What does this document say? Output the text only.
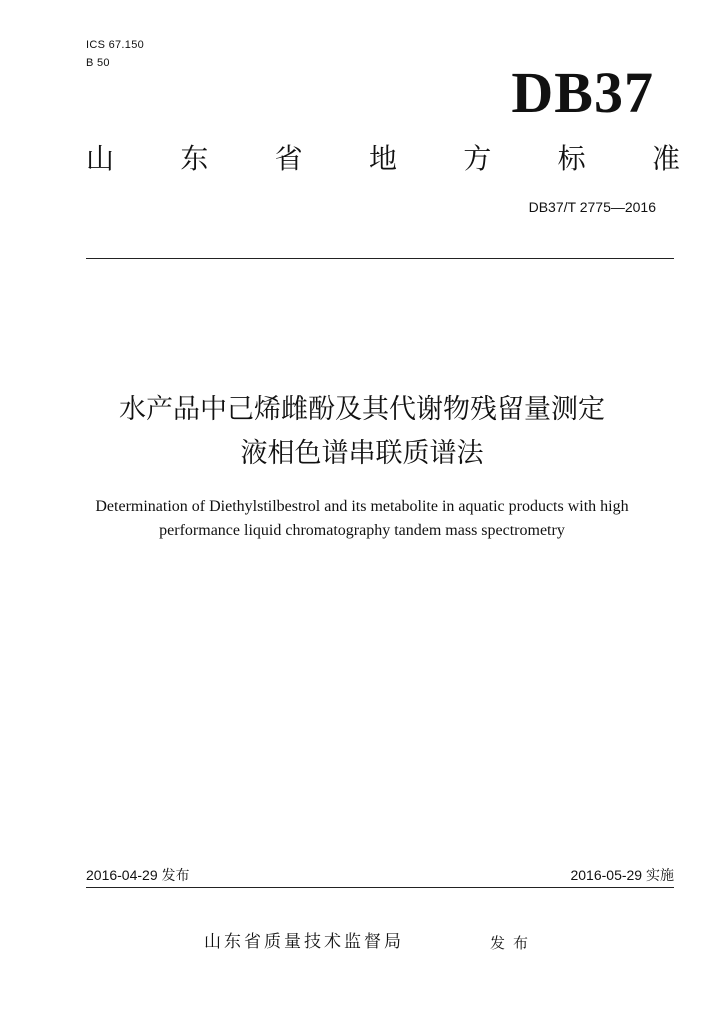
ICS 67.150
B 50	DB37
山 东 省 地 方 标 准
DB37/T 2775—2016
水产品中己烯雌酚及其代谢物残留量测定
液相色谱串联质谱法
Determination of Diethylstilbestrol and its metabolite in aquatic products with high
performance liquid chromatography tandem mass spectrometry
2016-04-29 发布	2016-05-29 实施
山东省质量技术监督局	发布
